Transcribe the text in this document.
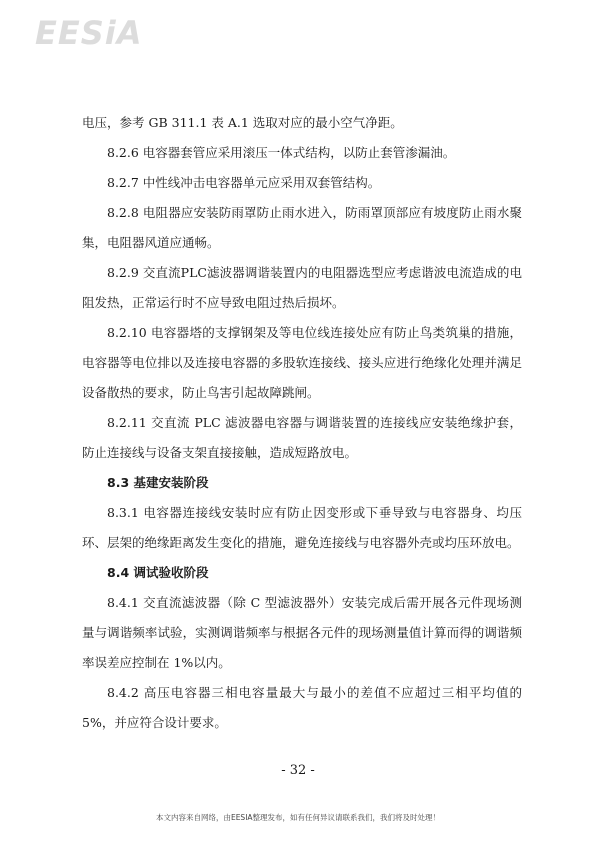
EESiA

电压，参考 GB 311.1 表 A.1 选取对应的最小空气净距。

8.2.6 电容器套管应采用滚压一体式结构，以防止套管渗漏油。

8.2.7 中性线冲击电容器单元应采用双套管结构。

8.2.8 电阻器应安装防雨罩防止雨水进入，防雨罩顶部应有坡度防止雨水聚集，电阻器风道应通畅。

8.2.9 交直流PLC滤波器调谐装置内的电阻器选型应考虑谐波电流造成的电阻发热，正常运行时不应导致电阻过热后损坏。

8.2.10 电容器塔的支撑钢架及等电位线连接处应有防止鸟类筑巢的措施，电容器等电位排以及连接电容器的多股软连接线、接头应进行绝缘化处理并满足设备散热的要求，防止鸟害引起故障跳闸。

8.2.11 交直流 PLC 滤波器电容器与调谐装置的连接线应安装绝缘护套，防止连接线与设备支架直接接触，造成短路放电。

8.3 基建安装阶段

8.3.1 电容器连接线安装时应有防止因变形或下垂导致与电容器身、均压环、层架的绝缘距离发生变化的措施，避免连接线与电容器外壳或均压环放电。

8.4 调试验收阶段

8.4.1 交直流滤波器（除 C 型滤波器外）安装完成后需开展各元件现场测量与调谐频率试验，实测调谐频率与根据各元件的现场测量值计算而得的调谐频率误差应控制在 1%以内。

8.4.2 高压电容器三相电容量最大与最小的差值不应超过三相平均值的 5%，并应符合设计要求。

- 32 -
本文内容来自网络，由EESIA整理发布，如有任何异议请联系我们，我们将及时处理！
